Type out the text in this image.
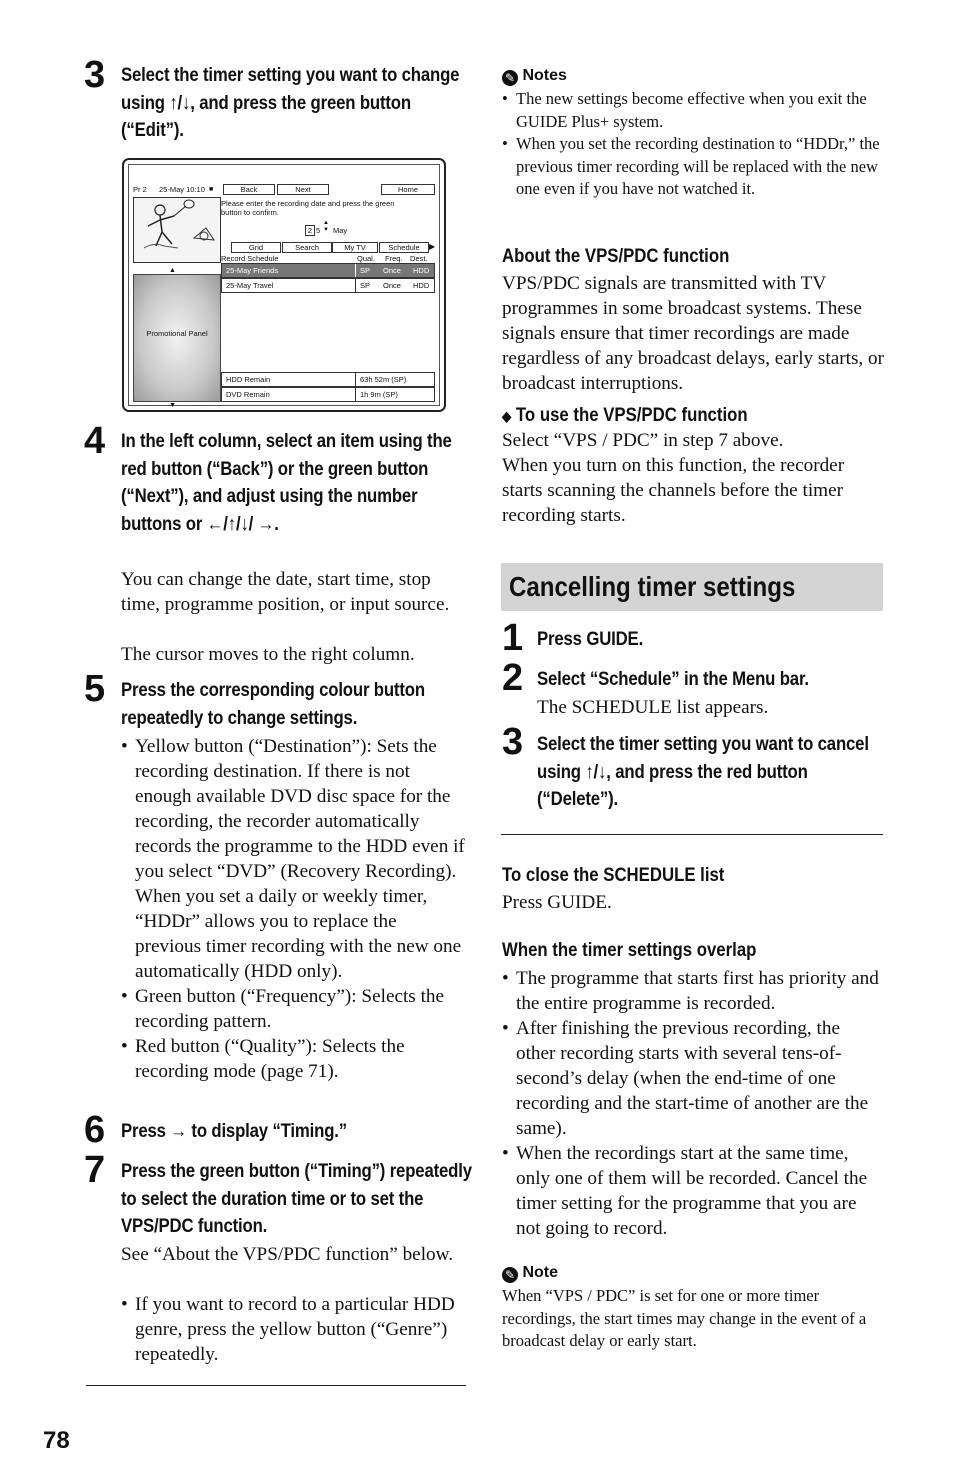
3 Select the timer setting you want to change using ↑/↓, and press the green button (“Edit”).
Pr 2 25-May 10:10 ■	Back	Next	Home
Please enter the recording date and press the green button to confirm.
2 5
▲
▼ May
Grid	Search	My TV	Schedule	▶
Record Schedule	Qual. Freq. Dest.
▲	25-May Friends	SP Once HDD
25-May Travel	SP Once HDD
Promotional Panel
▼
HDD Remain	63h 52m (SP)
DVD Remain	1h 9m (SP)
4 In the left column, select an item using the red button (“Back”) or the green button (“Next”), and adjust using the number buttons or ←/↑/↓/ →.
You can change the date, start time, stop time, programme position, or input source.
The cursor moves to the right column.
5 Press the corresponding colour button repeatedly to change settings.
• Yellow button (“Destination”): Sets the recording destination. If there is not enough available DVD disc space for the recording, the recorder automatically records the programme to the HDD even if you select “DVD” (Recovery Recording). When you set a daily or weekly timer, “HDDr” allows you to replace the previous timer recording with the new one automatically (HDD only).
• Green button (“Frequency”): Selects the recording pattern.
• Red button (“Quality”): Selects the recording mode (page 71).
6 Press → to display “Timing.”
7 Press the green button (“Timing”) repeatedly to select the duration time or to set the VPS/PDC function.
See “About the VPS/PDC function” below.
• If you want to record to a particular HDD genre, press the yellow button (“Genre”) repeatedly.
✎ Notes
• The new settings become effective when you exit the GUIDE Plus+ system.
• When you set the recording destination to “HDDr,” the previous timer recording will be replaced with the new one even if you have not watched it.
About the VPS/PDC function
VPS/PDC signals are transmitted with TV programmes in some broadcast systems. These signals ensure that timer recordings are made regardless of any broadcast delays, early starts, or broadcast interruptions.
◆ To use the VPS/PDC function
Select “VPS / PDC” in step 7 above.
When you turn on this function, the recorder starts scanning the channels before the timer recording starts.
Cancelling timer settings
1 Press GUIDE.
2 Select “Schedule” in the Menu bar.
The SCHEDULE list appears.
3 Select the timer setting you want to cancel using ↑/↓, and press the red button (“Delete”).
To close the SCHEDULE list
Press GUIDE.
When the timer settings overlap
• The programme that starts first has priority and the entire programme is recorded.
• After finishing the previous recording, the other recording starts with several tens-of-second’s delay (when the end-time of one recording and the start-time of another are the same).
• When the recordings start at the same time, only one of them will be recorded. Cancel the timer setting for the programme that you are not going to record.
✎ Note
When “VPS / PDC” is set for one or more timer recordings, the start times may change in the event of a broadcast delay or early start.
78
